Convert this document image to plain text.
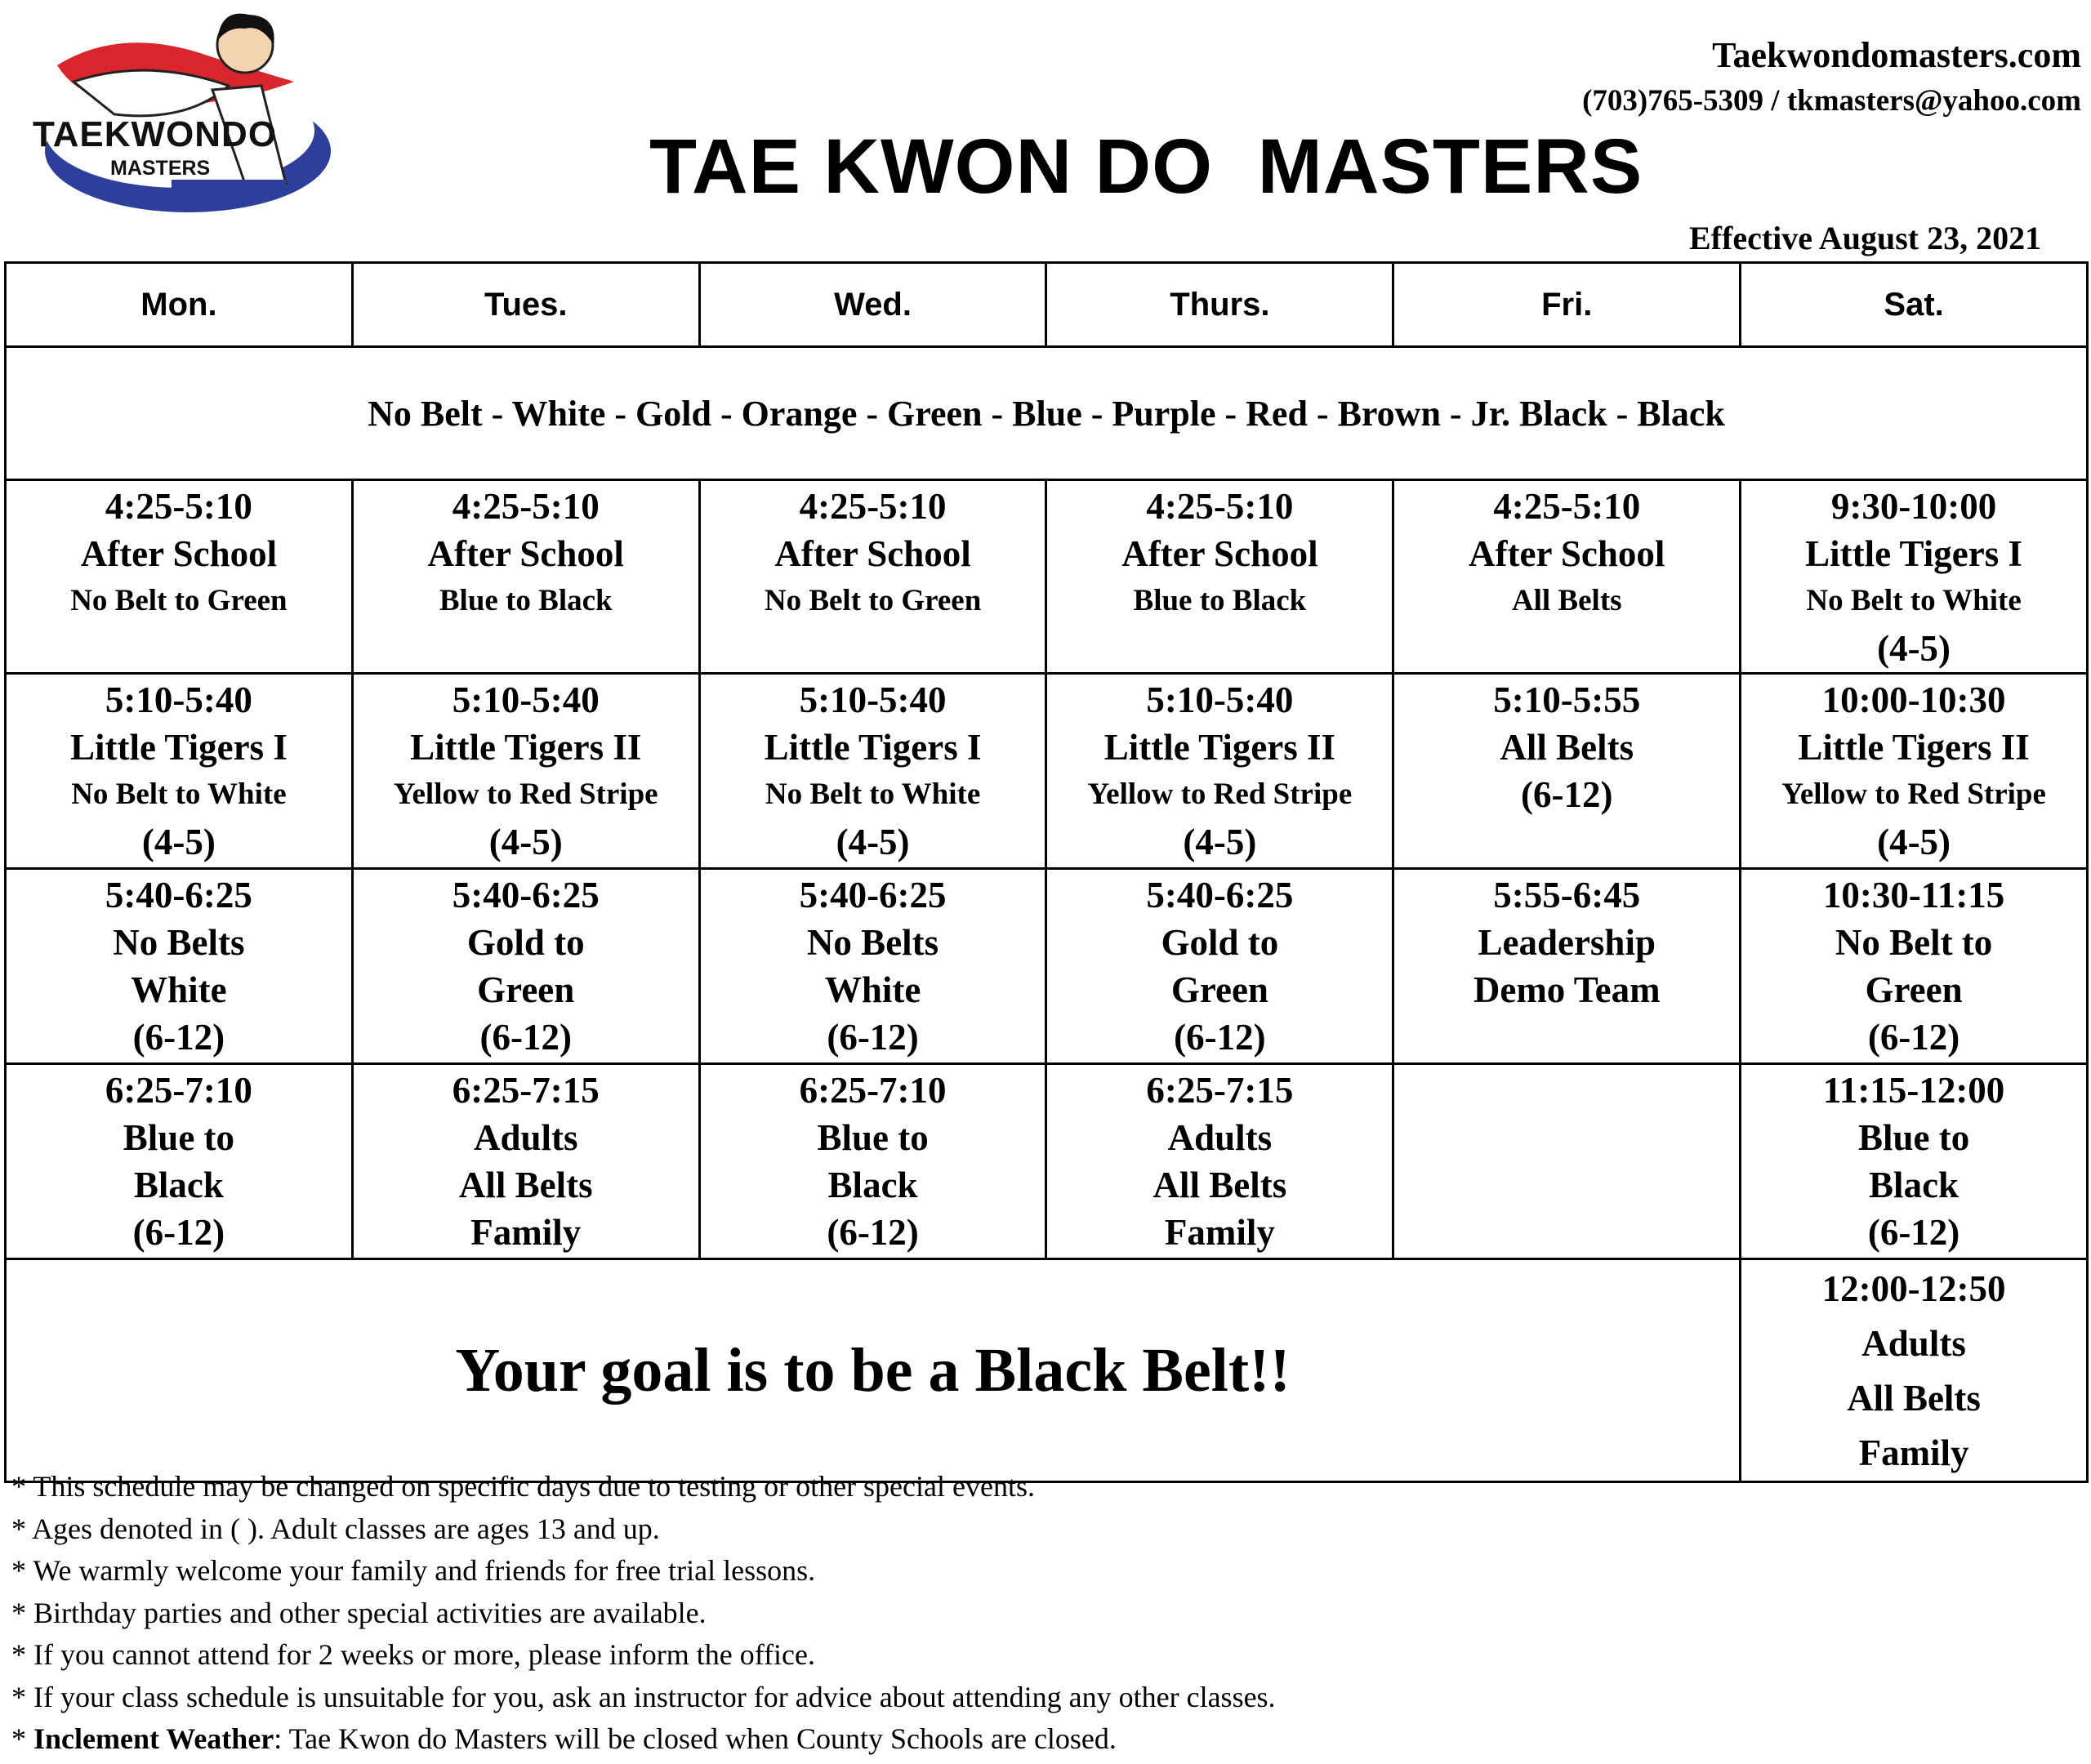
TAEKWONDO
MASTERS
Taekwondomasters.com
(703)765-5309 / tkmasters@yahoo.com
TAE KWON DO  MASTERS
Effective August 23, 2021
Mon.	Tues.	Wed.	Thurs.	Fri.	Sat.
No Belt - White - Gold - Orange - Green - Blue - Purple - Red - Brown - Jr. Black - Black					

4:25-5:10
After School
No Belt to Green	4:25-5:10
After School
Blue to Black	4:25-5:10
After School
No Belt to Green	4:25-5:10
After School
Blue to Black	4:25-5:10
After School
All Belts	9:30-10:00
Little Tigers I
No Belt to White
(4-5)

5:10-5:40
Little Tigers I
No Belt to White
(4-5)	5:10-5:40
Little Tigers II
Yellow to Red Stripe
(4-5)	5:10-5:40
Little Tigers I
No Belt to White
(4-5)	5:10-5:40
Little Tigers II
Yellow to Red Stripe
(4-5)	5:10-5:55
All Belts
(6-12)	10:00-10:30
Little Tigers II
Yellow to Red Stripe
(4-5)

5:40-6:25
No Belts
White
(6-12)	5:40-6:25
Gold to
Green
(6-12)	5:40-6:25
No Belts
White
(6-12)	5:40-6:25
Gold to
Green
(6-12)	5:55-6:45
Leadership
Demo Team	10:30-11:15
No Belt to
Green
(6-12)

6:25-7:10
Blue to
Black
(6-12)	6:25-7:15
Adults
All Belts
Family	6:25-7:10
Blue to
Black
(6-12)	6:25-7:15
Adults
All Belts
Family		11:15-12:00
Blue to
Black
(6-12)

Your goal is to be a Black Belt!!					12:00-12:50
Adults
All Belts
Family
* This schedule may be changed on specific days due to testing or other special events.
* Ages denoted in ( ). Adult classes are ages 13 and up.
* We warmly welcome your family and friends for free trial lessons.
* Birthday parties and other special activities are available.
* If you cannot attend for 2 weeks or more, please inform the office.
* If your class schedule is unsuitable for you, ask an instructor for advice about attending any other classes.
* Inclement Weather: Tae Kwon do Masters will be closed when County Schools are closed.
